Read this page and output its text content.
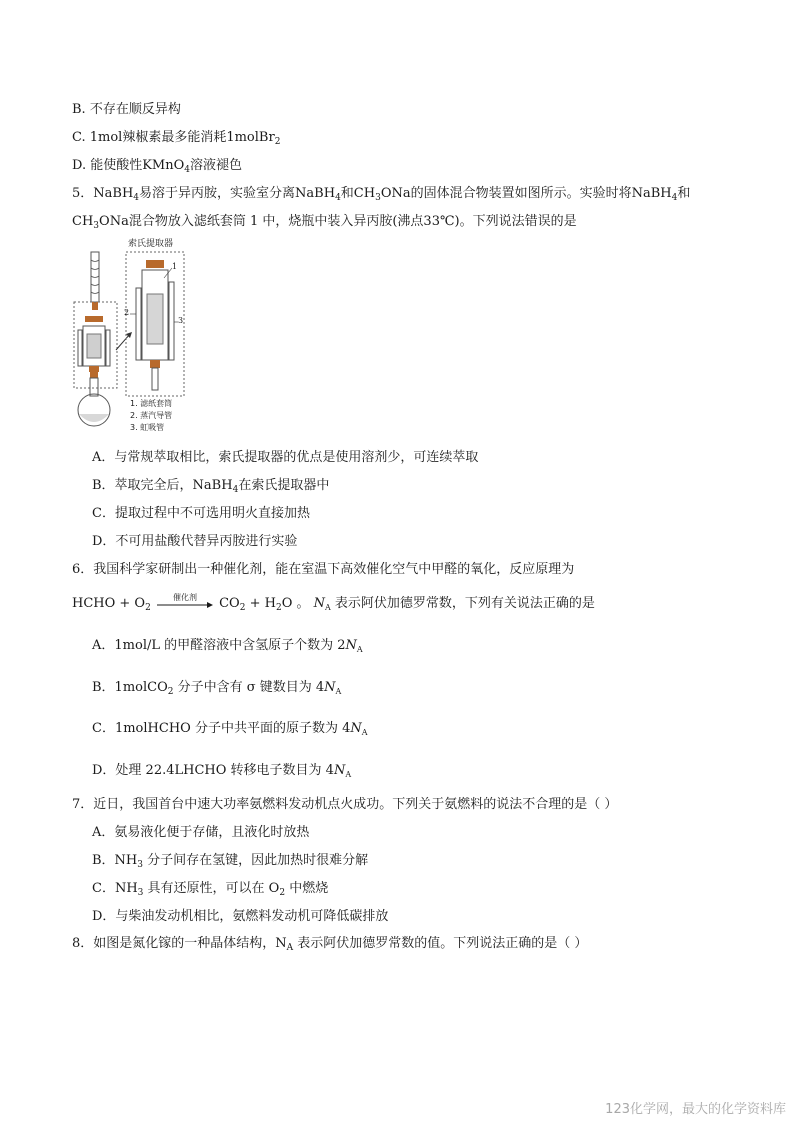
B. 不存在顺反异构
C. 1mol辣椒素最多能消耗1molBr$_2$
D. 能使酸性KMnO$_4$溶液褪色
5．NaBH$_4$易溶于异丙胺，实验室分离NaBH$_4$和$CH_3ONa$的固体混合物装置如图所示。实验时将NaBH$_4$和
$CH_3ONa$混合物放入滤纸套筒 1 中，烧瓶中装入异丙胺(沸点33℃)。下列说法错误的是
索氏提取器
1
2
3
1. 滤纸套筒
2. 蒸汽导管
3. 虹吸管
A．与常规萃取相比，索氏提取器的优点是使用溶剂少，可连续萃取
B．萃取完全后，NaBH$_4$在索氏提取器中
C．提取过程中不可选用明火直接加热
D．不可用盐酸代替异丙胺进行实验
6．我国科学家研制出一种催化剂，能在室温下高效催化空气中甲醛的氧化，反应原理为
HCHO + $O_2$
催化剂	$CO_2 + H_2O$ 。 $N_A$ 表示阿伏加德罗常数，下列有关说法正确的是
A．1mol/L 的甲醛溶液中含氢原子个数为 $2N_A$
B．1molCO$_2$ 分子中含有 σ 键数目为 $4N_A$
C．1molHCHO 分子中共平面的原子数为 $4N_A$
D．处理 22.4LHCHO 转移电子数目为 $4N_A$
7．近日，我国首台中速大功率氨燃料发动机点火成功。下列关于氨燃料的说法不合理的是（ ）
A．氨易液化便于存储，且液化时放热
B．$NH_3$ 分子间存在氢键，因此加热时很难分解
C．$NH_3$ 具有还原性，可以在 $O_2$ 中燃烧
D．与柴油发动机相比，氨燃料发动机可降低碳排放
8．如图是氮化镓的一种晶体结构，$N_A$ 表示阿伏加德罗常数的值。下列说法正确的是（ ）
123化学网，最大的化学资料库
